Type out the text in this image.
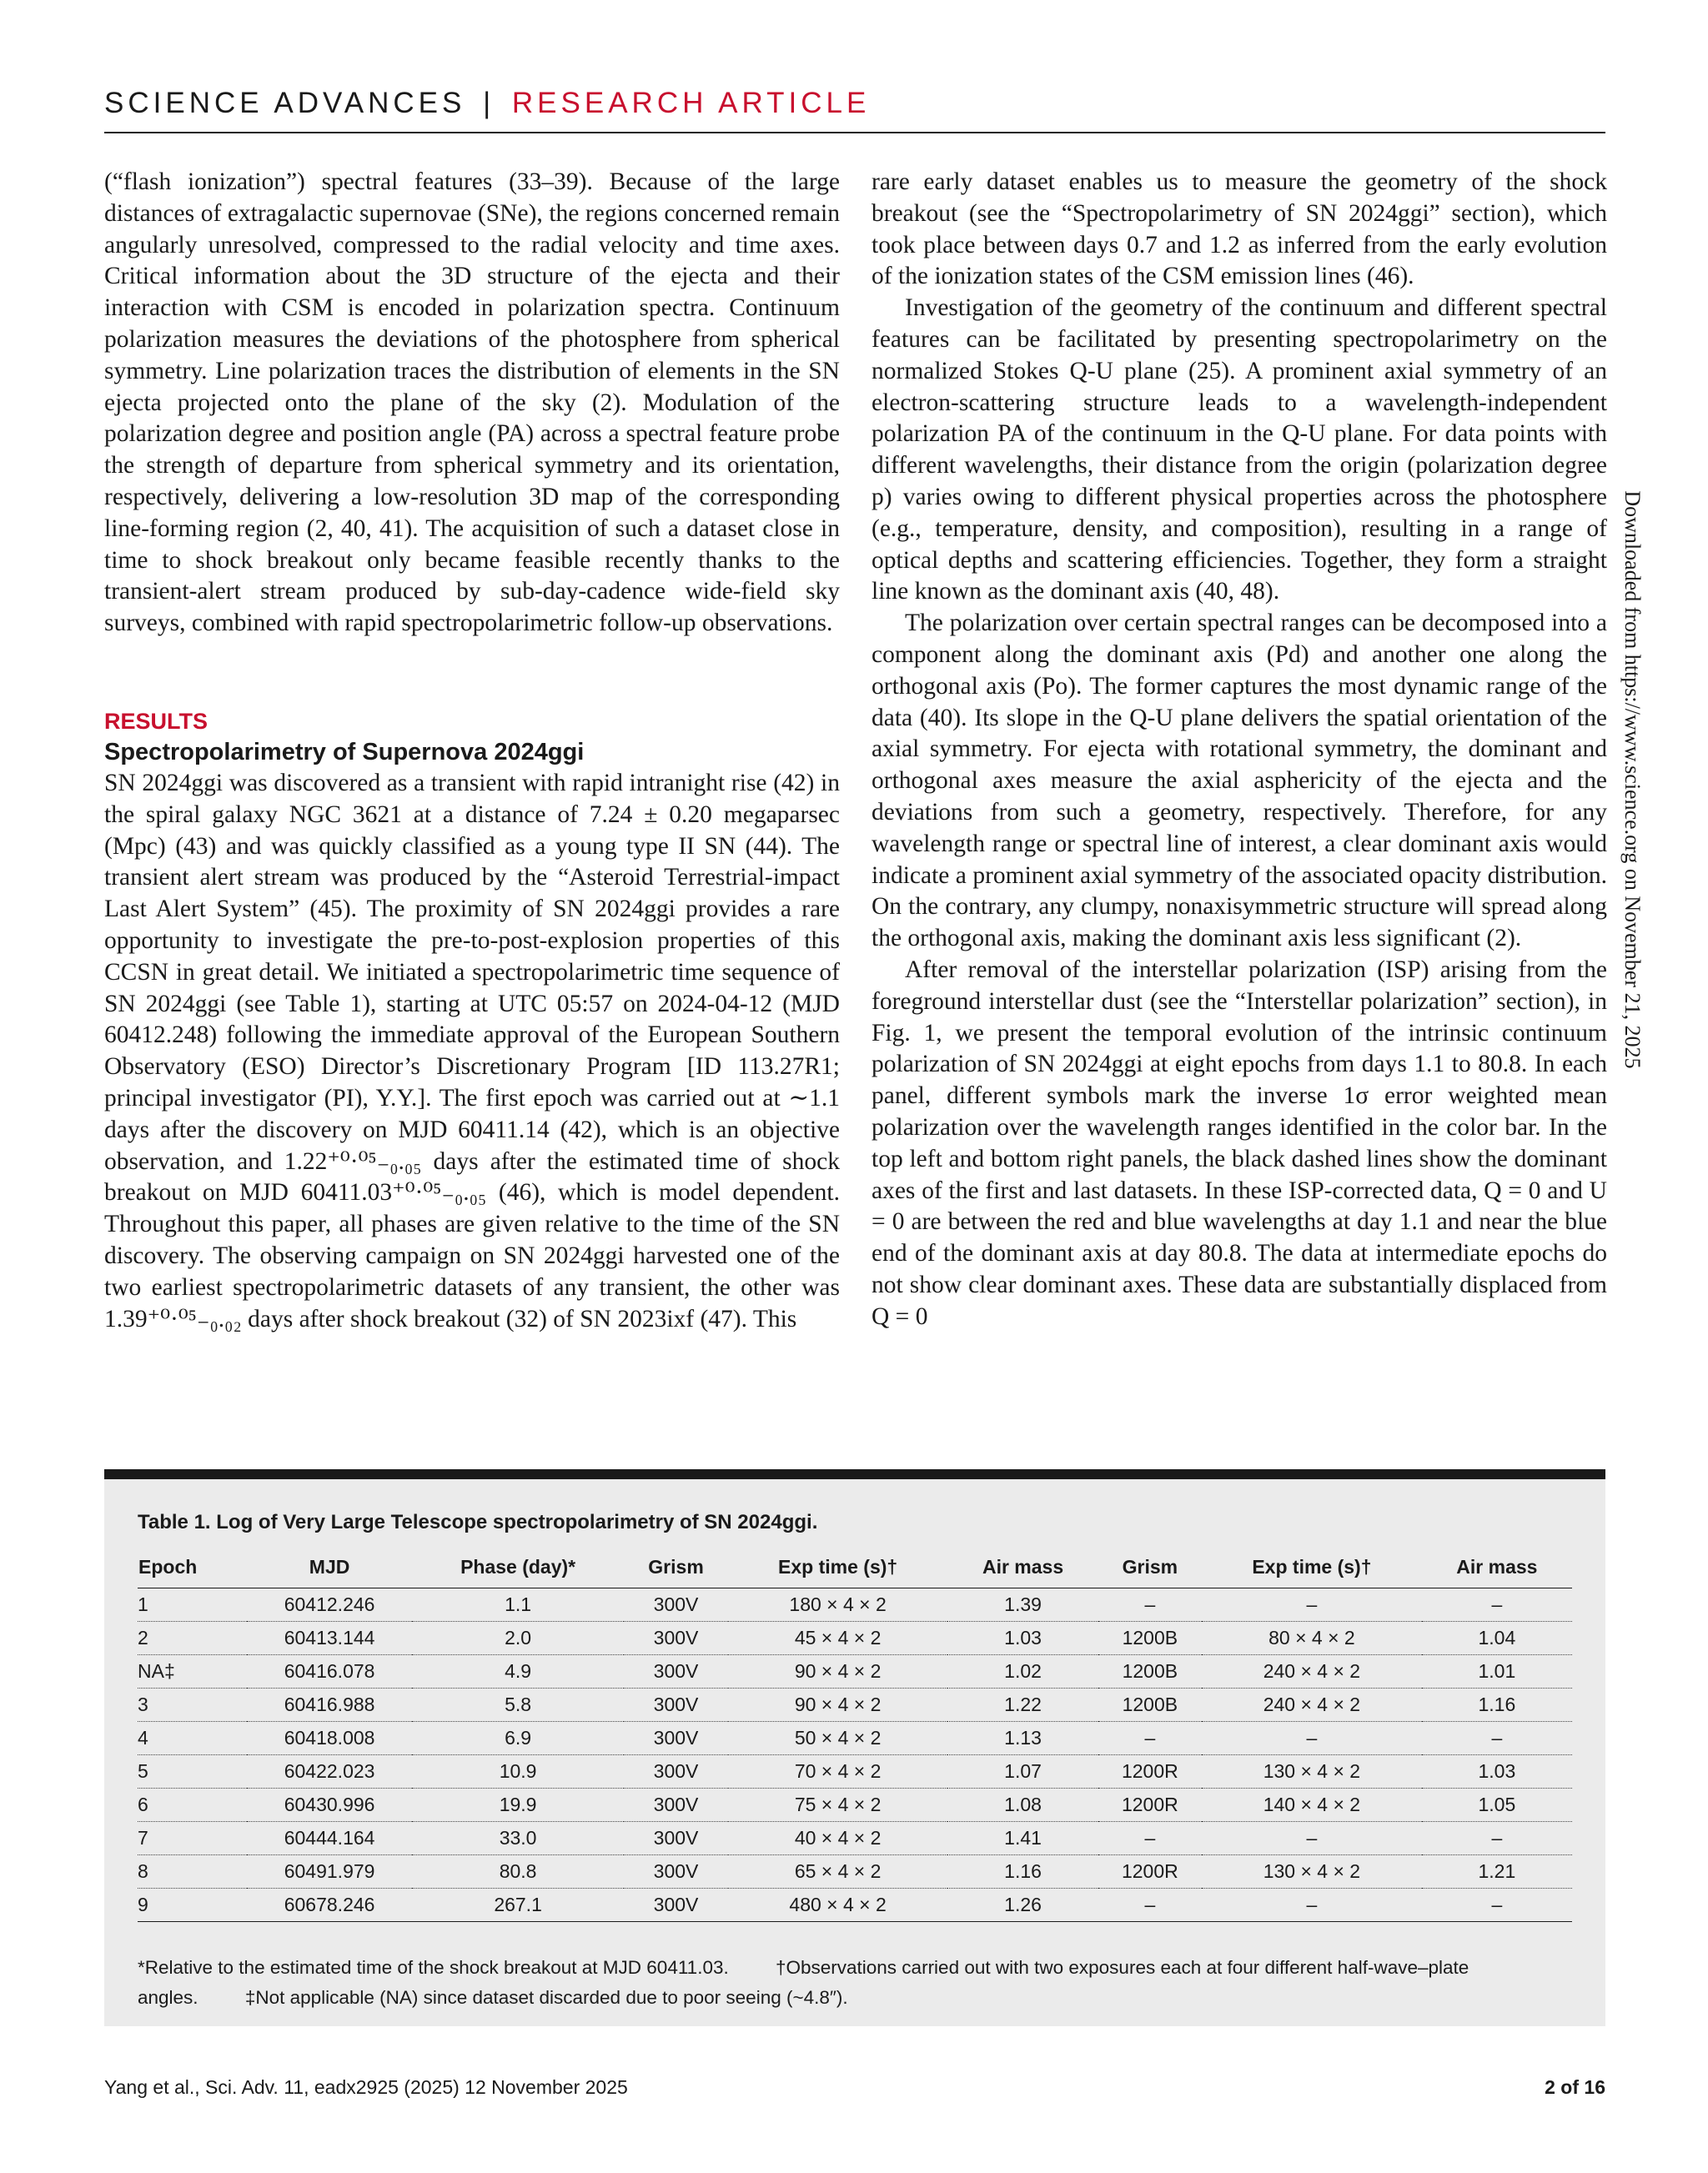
SCIENCE ADVANCES | RESEARCH ARTICLE

(“flash ionization”) spectral features (33–39). Because of the large distances of extragalactic supernovae (SNe), the regions concerned remain angularly unresolved, compressed to the radial velocity and time axes. Critical information about the 3D structure of the ejecta and their interaction with CSM is encoded in polarization spectra. Continuum polarization measures the deviations of the photosphere from spherical symmetry. Line polarization traces the distribution of elements in the SN ejecta projected onto the plane of the sky (2). Modulation of the polarization degree and position angle (PA) across a spectral feature probe the strength of departure from spherical symmetry and its orientation, respectively, delivering a low-resolution 3D map of the corresponding line-forming region (2, 40, 41). The acquisition of such a dataset close in time to shock breakout only became feasible recently thanks to the transient-alert stream produced by sub-day-cadence wide-field sky surveys, combined with rapid spectropolarimetric follow-up observations.

RESULTS

Spectropolarimetry of Supernova 2024ggi

SN 2024ggi was discovered as a transient with rapid intranight rise (42) in the spiral galaxy NGC 3621 at a distance of 7.24 ± 0.20 megaparsec (Mpc) (43) and was quickly classified as a young type II SN (44). The transient alert stream was produced by the “Asteroid Terrestrial-impact Last Alert System” (45). The proximity of SN 2024ggi provides a rare opportunity to investigate the pre-to-post-explosion properties of this CCSN in great detail. We initiated a spectropolarimetric time sequence of SN 2024ggi (see Table 1), starting at UTC 05:57 on 2024-04-12 (MJD 60412.248) following the immediate approval of the European Southern Observatory (ESO) Director’s Discretionary Program [ID 113.27R1; principal investigator (PI), Y.Y.]. The first epoch was carried out at ∼1.1 days after the discovery on MJD 60411.14 (42), which is an objective observation, and 1.22⁺⁰·⁰⁵₋₀.₀₅ days after the estimated time of shock breakout on MJD 60411.03⁺⁰·⁰⁵₋₀.₀₅ (46), which is model dependent. Throughout this paper, all phases are given relative to the time of the SN discovery. The observing campaign on SN 2024ggi harvested one of the two earliest spectropolarimetric datasets of any transient, the other was 1.39⁺⁰·⁰⁵₋₀.₀₂ days after shock breakout (32) of SN 2023ixf (47). This

rare early dataset enables us to measure the geometry of the shock breakout (see the “Spectropolarimetry of SN 2024ggi” section), which took place between days 0.7 and 1.2 as inferred from the early evolution of the ionization states of the CSM emission lines (46).

Investigation of the geometry of the continuum and different spectral features can be facilitated by presenting spectropolarimetry on the normalized Stokes Q-U plane (25). A prominent axial symmetry of an electron-scattering structure leads to a wavelength-independent polarization PA of the continuum in the Q-U plane. For data points with different wavelengths, their distance from the origin (polarization degree p) varies owing to different physical properties across the photosphere (e.g., temperature, density, and composition), resulting in a range of optical depths and scattering efficiencies. Together, they form a straight line known as the dominant axis (40, 48).

The polarization over certain spectral ranges can be decomposed into a component along the dominant axis (Pd) and another one along the orthogonal axis (Po). The former captures the most dynamic range of the data (40). Its slope in the Q-U plane delivers the spatial orientation of the axial symmetry. For ejecta with rotational symmetry, the dominant and orthogonal axes measure the axial asphericity of the ejecta and the deviations from such a geometry, respectively. Therefore, for any wavelength range or spectral line of interest, a clear dominant axis would indicate a prominent axial symmetry of the associated opacity distribution. On the contrary, any clumpy, nonaxisymmetric structure will spread along the orthogonal axis, making the dominant axis less significant (2).

After removal of the interstellar polarization (ISP) arising from the foreground interstellar dust (see the “Interstellar polarization” section), in Fig. 1, we present the temporal evolution of the intrinsic continuum polarization of SN 2024ggi at eight epochs from days 1.1 to 80.8. In each panel, different symbols mark the inverse 1σ error weighted mean polarization over the wavelength ranges identified in the color bar. In the top left and bottom right panels, the black dashed lines show the dominant axes of the first and last datasets. In these ISP-corrected data, Q = 0 and U = 0 are between the red and blue wavelengths at day 1.1 and near the blue end of the dominant axis at day 80.8. The data at intermediate epochs do not show clear dominant axes. These data are substantially displaced from Q = 0

Downloaded from https://www.science.org on November 21, 2025
Table 1. Log of Very Large Telescope spectropolarimetry of SN 2024ggi.
Epoch	MJD	Phase (day)*	Grism	Exp time (s)†	Air mass	Grism	Exp time (s)†	Air mass
1	60412.246	1.1	300V	180 × 4 × 2	1.39	–	–	–
2	60413.144	2.0	300V	45 × 4 × 2	1.03	1200B	80 × 4 × 2	1.04
NA‡	60416.078	4.9	300V	90 × 4 × 2	1.02	1200B	240 × 4 × 2	1.01
3	60416.988	5.8	300V	90 × 4 × 2	1.22	1200B	240 × 4 × 2	1.16
4	60418.008	6.9	300V	50 × 4 × 2	1.13	–	–	–
5	60422.023	10.9	300V	70 × 4 × 2	1.07	1200R	130 × 4 × 2	1.03
6	60430.996	19.9	300V	75 × 4 × 2	1.08	1200R	140 × 4 × 2	1.05
7	60444.164	33.0	300V	40 × 4 × 2	1.41	–	–	–
8	60491.979	80.8	300V	65 × 4 × 2	1.16	1200R	130 × 4 × 2	1.21
9	60678.246	267.1	300V	480 × 4 × 2	1.26	–	–	–
*Relative to the estimated time of the shock breakout at MJD 60411.03.	†Observations carried out with two exposures each at four different half-wave–plate angles.	‡Not applicable (NA) since dataset discarded due to poor seeing (~4.8″).
Yang et al., Sci. Adv. 11, eadx2925 (2025) 12 November 2025	2 of 16
